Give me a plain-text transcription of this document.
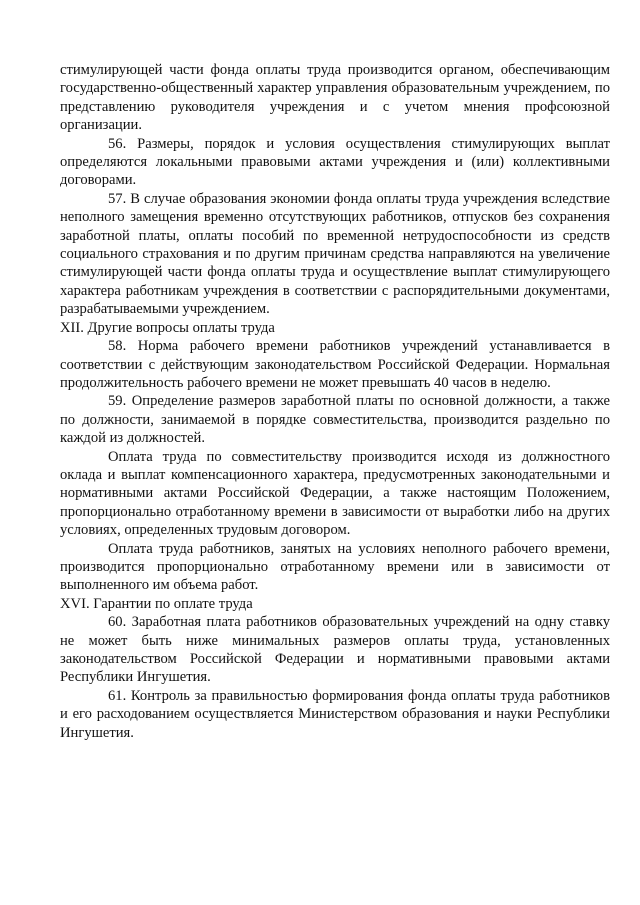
стимулирующей части фонда оплаты труда производится органом, обеспечивающим государственно-общественный характер управления образовательным учреждением, по представлению руководителя учреждения и с учетом мнения профсоюзной организации.

56. Размеры, порядок и условия осуществления стимулирующих выплат определяются локальными правовыми актами учреждения и (или) коллективными договорами.

57. В случае образования экономии фонда оплаты труда учреждения вследствие неполного замещения временно отсутствующих работников, отпусков без сохранения заработной платы, оплаты пособий по временной нетрудоспособности из средств социального страхования и по другим причинам средства направляются на увеличение стимулирующей части фонда оплаты труда и осуществление выплат стимулирующего характера работникам учреждения в соответствии с распорядительными документами, разрабатываемыми учреждением.

XII. Другие вопросы оплаты труда

58. Норма рабочего времени работников учреждений устанавливается в соответствии с действующим законодательством Российской Федерации. Нормальная продолжительность рабочего времени не может превышать 40 часов в неделю.

59. Определение размеров заработной платы по основной должности, а также по должности, занимаемой в порядке совместительства, производится раздельно по каждой из должностей.

Оплата труда по совместительству производится исходя из должностного оклада и выплат компенсационного характера, предусмотренных законодательными и нормативными актами Российской Федерации, а также настоящим Положением, пропорционально отработанному времени в зависимости от выработки либо на других условиях, определенных трудовым договором.

Оплата труда работников, занятых на условиях неполного рабочего времени, производится пропорционально отработанному времени или в зависимости от выполненного им объема работ.

XVI. Гарантии по оплате труда

60. Заработная плата работников образовательных учреждений на одну ставку не может быть ниже минимальных размеров оплаты труда, установленных законодательством Российской Федерации и нормативными правовыми актами Республики Ингушетия.

61. Контроль за правильностью формирования фонда оплаты труда работников и его расходованием осуществляется Министерством образования и науки Республики Ингушетия.
